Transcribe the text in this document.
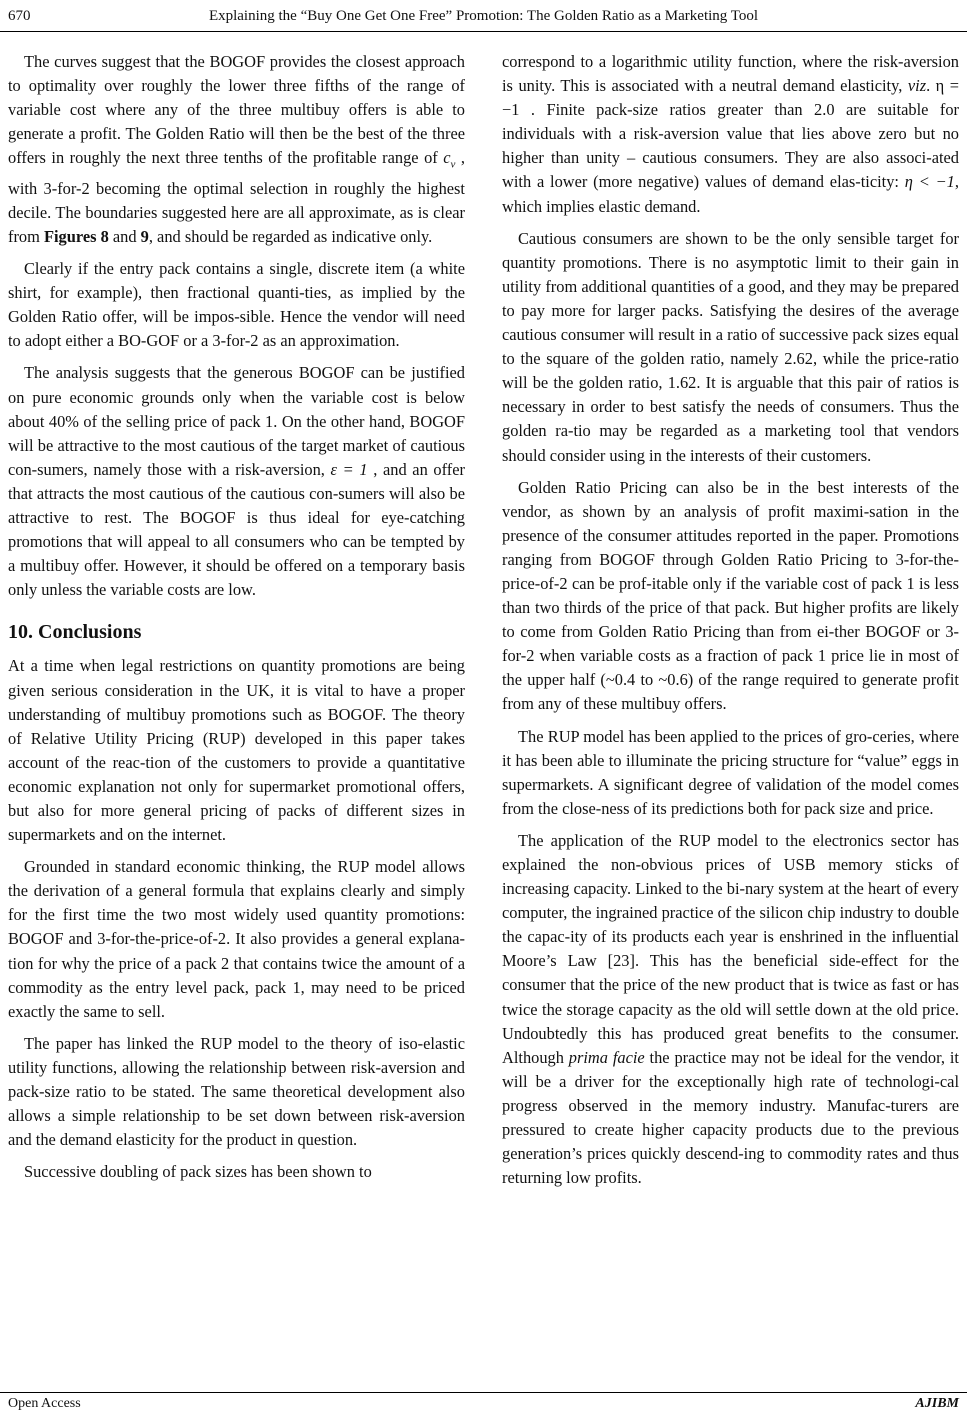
670	Explaining the “Buy One Get One Free” Promotion: The Golden Ratio as a Marketing Tool

The curves suggest that the BOGOF provides the closest approach to optimality over roughly the lower three fifths of the range of variable cost where any of the three multibuy offers is able to generate a profit. The Golden Ratio will then be the best of the three offers in roughly the next three tenths of the profitable range of $c_v$ , with 3-for-2 becoming the optimal selection in roughly the highest decile. The boundaries suggested here are all approximate, as is clear from Figures 8 and 9, and should be regarded as indicative only.

Clearly if the entry pack contains a single, discrete item (a white shirt, for example), then fractional quanti-ties, as implied by the Golden Ratio offer, will be impos-sible. Hence the vendor will need to adopt either a BO-GOF or a 3-for-2 as an approximation.

The analysis suggests that the generous BOGOF can be justified on pure economic grounds only when the variable cost is below about 40% of the selling price of pack 1. On the other hand, BOGOF will be attractive to the most cautious of the target market of cautious con-sumers, namely those with a risk-aversion, ε = 1 , and an offer that attracts the most cautious of the cautious con-sumers will also be attractive to rest. The BOGOF is thus ideal for eye-catching promotions that will appeal to all consumers who can be tempted by a multibuy offer. However, it should be offered on a temporary basis only unless the variable costs are low.

10. Conclusions

At a time when legal restrictions on quantity promotions are being given serious consideration in the UK, it is vital to have a proper understanding of multibuy promotions such as BOGOF. The theory of Relative Utility Pricing (RUP) developed in this paper takes account of the reac-tion of the customers to provide a quantitative economic explanation not only for supermarket promotional offers, but also for more general pricing of packs of different sizes in supermarkets and on the internet.

Grounded in standard economic thinking, the RUP model allows the derivation of a general formula that explains clearly and simply for the first time the two most widely used quantity promotions: BOGOF and 3-for-the-price-of-2. It also provides a general explana-tion for why the price of a pack 2 that contains twice the amount of a commodity as the entry level pack, pack 1, may need to be priced exactly the same to sell.

The paper has linked the RUP model to the theory of iso-elastic utility functions, allowing the relationship between risk-aversion and pack-size ratio to be stated. The same theoretical development also allows a simple relationship to be set down between risk-aversion and the demand elasticity for the product in question.

Successive doubling of pack sizes has been shown to

correspond to a logarithmic utility function, where the risk-aversion is unity. This is associated with a neutral demand elasticity, viz. η = −1 . Finite pack-size ratios greater than 2.0 are suitable for individuals with a risk-aversion value that lies above zero but no higher than unity – cautious consumers. They are also associ-ated with a lower (more negative) values of demand elas-ticity: η < −1, which implies elastic demand.

Cautious consumers are shown to be the only sensible target for quantity promotions. There is no asymptotic limit to their gain in utility from additional quantities of a good, and they may be prepared to pay more for larger packs. Satisfying the desires of the average cautious consumer will result in a ratio of successive pack sizes equal to the square of the golden ratio, namely 2.62, while the price-ratio will be the golden ratio, 1.62. It is arguable that this pair of ratios is necessary in order to best satisfy the needs of consumers. Thus the golden ra-tio may be regarded as a marketing tool that vendors should consider using in the interests of their customers.

Golden Ratio Pricing can also be in the best interests of the vendor, as shown by an analysis of profit maximi-sation in the presence of the consumer attitudes reported in the paper. Promotions ranging from BOGOF through Golden Ratio Pricing to 3-for-the-price-of-2 can be prof-itable only if the variable cost of pack 1 is less than two thirds of the price of that pack. But higher profits are likely to come from Golden Ratio Pricing than from ei-ther BOGOF or 3-for-2 when variable costs as a fraction of pack 1 price lie in most of the upper half (~0.4 to ~0.6) of the range required to generate profit from any of these multibuy offers.

The RUP model has been applied to the prices of gro-ceries, where it has been able to illuminate the pricing structure for “value” eggs in supermarkets. A significant degree of validation of the model comes from the close-ness of its predictions both for pack size and price.

The application of the RUP model to the electronics sector has explained the non-obvious prices of USB memory sticks of increasing capacity. Linked to the bi-nary system at the heart of every computer, the ingrained practice of the silicon chip industry to double the capac-ity of its products each year is enshrined in the influential Moore’s Law [23]. This has the beneficial side-effect for the consumer that the price of the new product that is twice as fast or has twice the storage capacity as the old will settle down at the old price. Undoubtedly this has produced great benefits to the consumer. Although prima facie the practice may not be ideal for the vendor, it will be a driver for the exceptionally high rate of technologi-cal progress observed in the memory industry. Manufac-turers are pressured to create higher capacity products due to the previous generation’s prices quickly descend-ing to commodity rates and thus returning low profits.

Open Access	AJIBM
